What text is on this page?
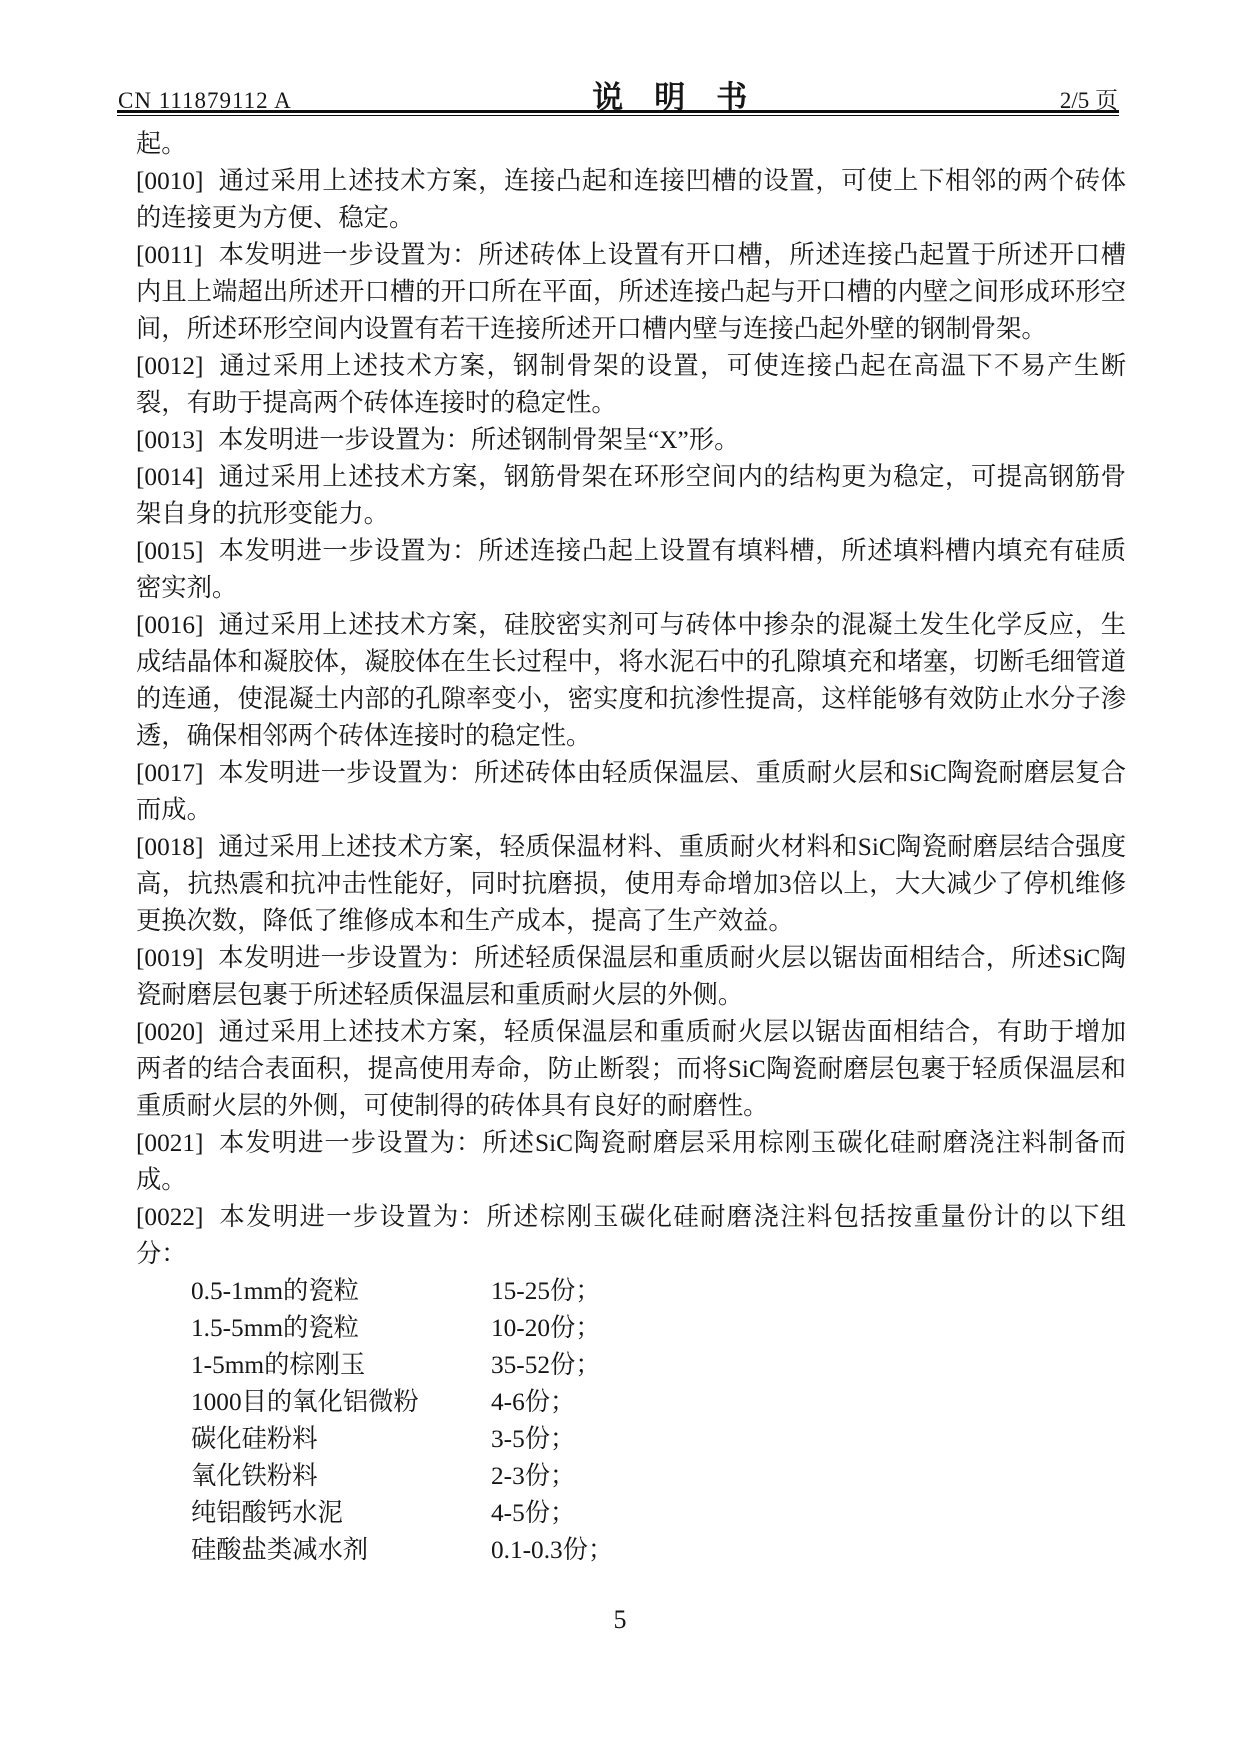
CN 111879112 A	说　明　书	2/5 页
起。
[0010] 通过采用上述技术方案，连接凸起和连接凹槽的设置，可使上下相邻的两个砖体的连接更为方便、稳定。
[0011] 本发明进一步设置为：所述砖体上设置有开口槽，所述连接凸起置于所述开口槽内且上端超出所述开口槽的开口所在平面，所述连接凸起与开口槽的内壁之间形成环形空间，所述环形空间内设置有若干连接所述开口槽内壁与连接凸起外壁的钢制骨架。
[0012] 通过采用上述技术方案，钢制骨架的设置，可使连接凸起在高温下不易产生断裂，有助于提高两个砖体连接时的稳定性。
[0013] 本发明进一步设置为：所述钢制骨架呈“X”形。
[0014] 通过采用上述技术方案，钢筋骨架在环形空间内的结构更为稳定，可提高钢筋骨架自身的抗形变能力。
[0015] 本发明进一步设置为：所述连接凸起上设置有填料槽，所述填料槽内填充有硅质密实剂。
[0016] 通过采用上述技术方案，硅胶密实剂可与砖体中掺杂的混凝土发生化学反应，生成结晶体和凝胶体，凝胶体在生长过程中，将水泥石中的孔隙填充和堵塞，切断毛细管道的连通，使混凝土内部的孔隙率变小，密实度和抗渗性提高，这样能够有效防止水分子渗透，确保相邻两个砖体连接时的稳定性。
[0017] 本发明进一步设置为：所述砖体由轻质保温层、重质耐火层和SiC陶瓷耐磨层复合而成。
[0018] 通过采用上述技术方案，轻质保温材料、重质耐火材料和SiC陶瓷耐磨层结合强度高，抗热震和抗冲击性能好，同时抗磨损，使用寿命增加3倍以上，大大减少了停机维修更换次数，降低了维修成本和生产成本，提高了生产效益。
[0019] 本发明进一步设置为：所述轻质保温层和重质耐火层以锯齿面相结合，所述SiC陶瓷耐磨层包裹于所述轻质保温层和重质耐火层的外侧。
[0020] 通过采用上述技术方案，轻质保温层和重质耐火层以锯齿面相结合，有助于增加两者的结合表面积，提高使用寿命，防止断裂；而将SiC陶瓷耐磨层包裹于轻质保温层和重质耐火层的外侧，可使制得的砖体具有良好的耐磨性。
[0021] 本发明进一步设置为：所述SiC陶瓷耐磨层采用棕刚玉碳化硅耐磨浇注料制备而成。
[0022] 本发明进一步设置为：所述棕刚玉碳化硅耐磨浇注料包括按重量份计的以下组分：
0.5-1mm的瓷粒	15-25份；
1.5-5mm的瓷粒	10-20份；
1-5mm的棕刚玉	35-52份；
1000目的氧化铝微粉	4-6份；
碳化硅粉料	3-5份；
氧化铁粉料	2-3份；
纯铝酸钙水泥	4-5份；
硅酸盐类减水剂	0.1-0.3份；
5
